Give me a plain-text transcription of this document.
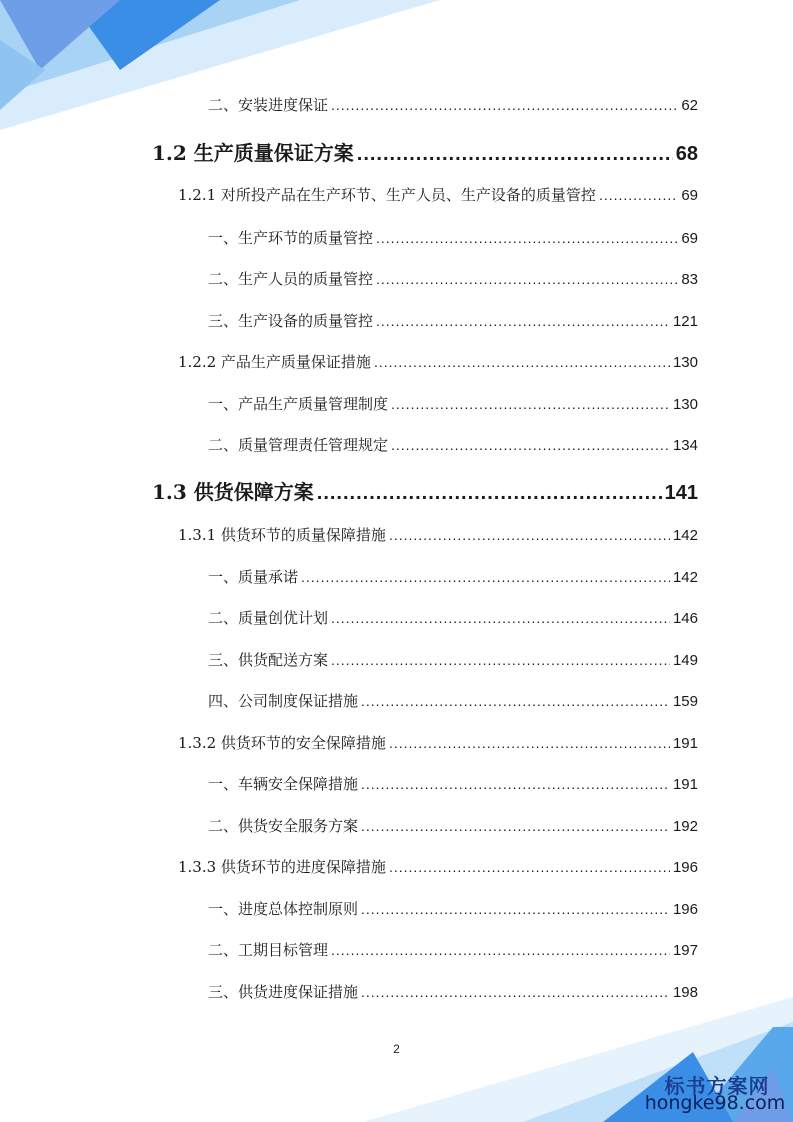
二、安装进度保证 .....	62
1.2 生产质量保证方案 .....	68
1.2.1 对所投产品在生产环节、生产人员、生产设备的质量管控 .....	69
一、生产环节的质量管控 .....	69
二、生产人员的质量管控 .....	83
三、生产设备的质量管控 .....	121
1.2.2 产品生产质量保证措施 .....	130
一、产品生产质量管理制度 .....	130
二、质量管理责任管理规定 .....	134
1.3 供货保障方案 .....	141
1.3.1 供货环节的质量保障措施 .....	142
一、质量承诺 .....	142
二、质量创优计划 .....	146
三、供货配送方案 .....	149
四、公司制度保证措施 .....	159
1.3.2 供货环节的安全保障措施 .....	191
一、车辆安全保障措施 .....	191
二、供货安全服务方案 .....	192
1.3.3 供货环节的进度保障措施 .....	196
一、进度总体控制原则 .....	196
二、工期目标管理 .....	197
三、供货进度保证措施 .....	198
2
标书方案网
hongke98.com
